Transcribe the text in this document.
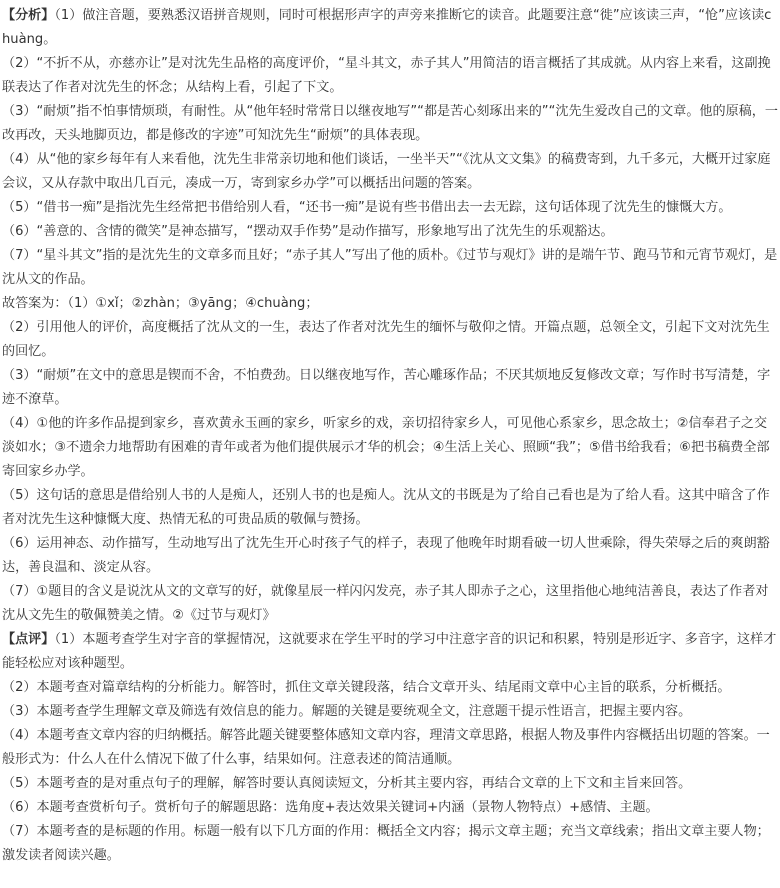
【分析】（1）做注音题，要熟悉汉语拼音规则，同时可根据形声字的声旁来推断它的读音。此题要注意“徙”应该读三声，“怆”应该读chuàng。

（2）“不折不从，亦慈亦让”是对沈先生品格的高度评价，“星斗其文，赤子其人”用简洁的语言概括了其成就。从内容上来看，这副挽联表达了作者对沈先生的怀念；从结构上看，引起了下文。

（3）“耐烦”指不怕事情烦琐，有耐性。从“他年轻时常常日以继夜地写”“都是苦心刻琢出来的”“沈先生爱改自己的文章。他的原稿，一改再改，天头地脚页边，都是修改的字迹”可知沈先生“耐烦”的具体表现。

（4）从“他的家乡每年有人来看他，沈先生非常亲切地和他们谈话，一坐半天”“《沈从文文集》的稿费寄到，九千多元，大概开过家庭会议，又从存款中取出几百元，凑成一万，寄到家乡办学”可以概括出问题的答案。

（5）“借书一痴”是指沈先生经常把书借给别人看，“还书一痴”是说有些书借出去一去无踪，这句话体现了沈先生的慷慨大方。

（6）“善意的、含情的微笑”是神态描写，“摆动双手作势”是动作描写，形象地写出了沈先生的乐观豁达。

（7）“星斗其文”指的是沈先生的文章多而且好；“赤子其人”写出了他的质朴。《过节与观灯》讲的是端午节、跑马节和元宵节观灯，是沈从文的作品。

故答案为：（1）①xǐ；②zhàn；③yāng；④chuàng；

（2）引用他人的评价，高度概括了沈从文的一生，表达了作者对沈先生的缅怀与敬仰之情。开篇点题，总领全文，引起下文对沈先生的回忆。

（3）“耐烦”在文中的意思是锲而不舍，不怕费劲。日以继夜地写作，苦心雕琢作品；不厌其烦地反复修改文章；写作时书写清楚，字迹不潦草。

（4）①他的许多作品提到家乡，喜欢黄永玉画的家乡，听家乡的戏，亲切招待家乡人，可见他心系家乡，思念故土；②信奉君子之交淡如水；③不遗余力地帮助有困难的青年或者为他们提供展示才华的机会；④生活上关心、照顾“我”；⑤借书给我看；⑥把书稿费全部寄回家乡办学。

（5）这句话的意思是借给别人书的人是痴人，还别人书的也是痴人。沈从文的书既是为了给自己看也是为了给人看。这其中暗含了作者对沈先生这种慷慨大度、热情无私的可贵品质的敬佩与赞扬。

（6）运用神态、动作描写，生动地写出了沈先生开心时孩子气的样子，表现了他晚年时期看破一切人世乘除，得失荣辱之后的爽朗豁达，善良温和、淡定从容。

（7）①题目的含义是说沈从文的文章写的好，就像星辰一样闪闪发亮，赤子其人即赤子之心，这里指他心地纯洁善良，表达了作者对沈从文先生的敬佩赞美之情。②《过节与观灯》

【点评】（1）本题考查学生对字音的掌握情况，这就要求在学生平时的学习中注意字音的识记和积累，特别是形近字、多音字，这样才能轻松应对该种题型。

（2）本题考查对篇章结构的分析能力。解答时，抓住文章关键段落，结合文章开头、结尾雨文章中心主旨的联系，分析概括。

（3）本题考查学生理解文章及筛选有效信息的能力。解题的关键是要统观全文，注意题干提示性语言，把握主要内容。

（4）本题考查文章内容的归纳概括。解答此题关键要整体感知文章内容，理清文章思路，根据人物及事件内容概括出切题的答案。一般形式为：什么人在什么情况下做了什么事，结果如何。注意表述的简洁通顺。

（5）本题考查的是对重点句子的理解，解答时要认真阅读短文，分析其主要内容，再结合文章的上下文和主旨来回答。

（6）本题考查赏析句子。赏析句子的解题思路：选角度+表达效果关键词+内涵（景物人物特点）+感情、主题。

（7）本题考查的是标题的作用。标题一般有以下几方面的作用：概括全文内容；揭示文章主题；充当文章线索；指出文章主要人物；激发读者阅读兴趣。
